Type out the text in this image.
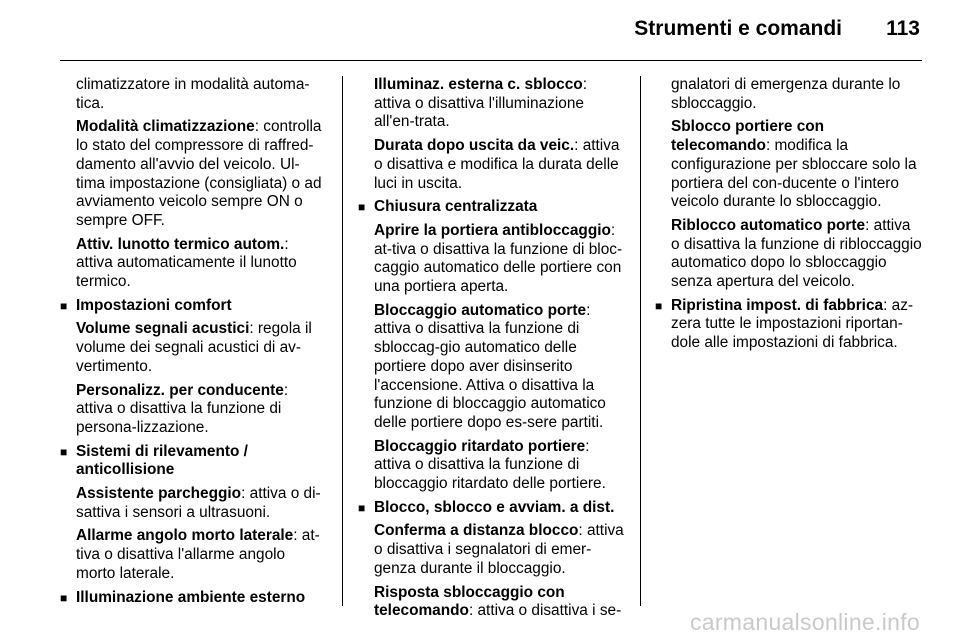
Strumenti e comandi 113

climatizzatore in modalità automa-tica.

Modalità climatizzazione: controlla lo stato del compressore di raffred-damento all'avvio del veicolo. Ul-tima impostazione (consigliata) o ad avviamento veicolo sempre ON o sempre OFF.

Attiv. lunotto termico autom.: attiva automaticamente il lunotto termico.

■ Impostazioni comfort

Volume segnali acustici: regola il volume dei segnali acustici di av-vertimento.

Personalizz. per conducente: attiva o disattiva la funzione di persona-lizzazione.

■ Sistemi di rilevamento / anticollisione

Assistente parcheggio: attiva o di-sattiva i sensori a ultrasuoni.

Allarme angolo morto laterale: at-tiva o disattiva l'allarme angolo morto laterale.

■ Illuminazione ambiente esterno

Illuminaz. esterna c. sblocco: attiva o disattiva l'illuminazione all'en-trata.

Durata dopo uscita da veic.: attiva o disattiva e modifica la durata delle luci in uscita.

■ Chiusura centralizzata

Aprire la portiera antibloccaggio: at-tiva o disattiva la funzione di bloc-caggio automatico delle portiere con una portiera aperta.

Bloccaggio automatico porte: attiva o disattiva la funzione di sbloccag-gio automatico delle portiere dopo aver disinserito l'accensione. Attiva o disattiva la funzione di bloccaggio automatico delle portiere dopo es-sere partiti.

Bloccaggio ritardato portiere: attiva o disattiva la funzione di bloccaggio ritardato delle portiere.

■ Blocco, sblocco e avviam. a dist.

Conferma a distanza blocco: attiva o disattiva i segnalatori di emer-genza durante il bloccaggio.

Risposta sbloccaggio con telecomando: attiva o disattiva i se-

gnalatori di emergenza durante lo sbloccaggio.

Sblocco portiere con telecomando: modifica la configurazione per sbloccare solo la portiera del con-ducente o l'intero veicolo durante lo sbloccaggio.

Riblocco automatico porte: attiva o disattiva la funzione di ribloccaggio automatico dopo lo sbloccaggio senza apertura del veicolo.

■ Ripristina impost. di fabbrica: az-zera tutte le impostazioni riportan-dole alle impostazioni di fabbrica.

carmanualsonline.info
